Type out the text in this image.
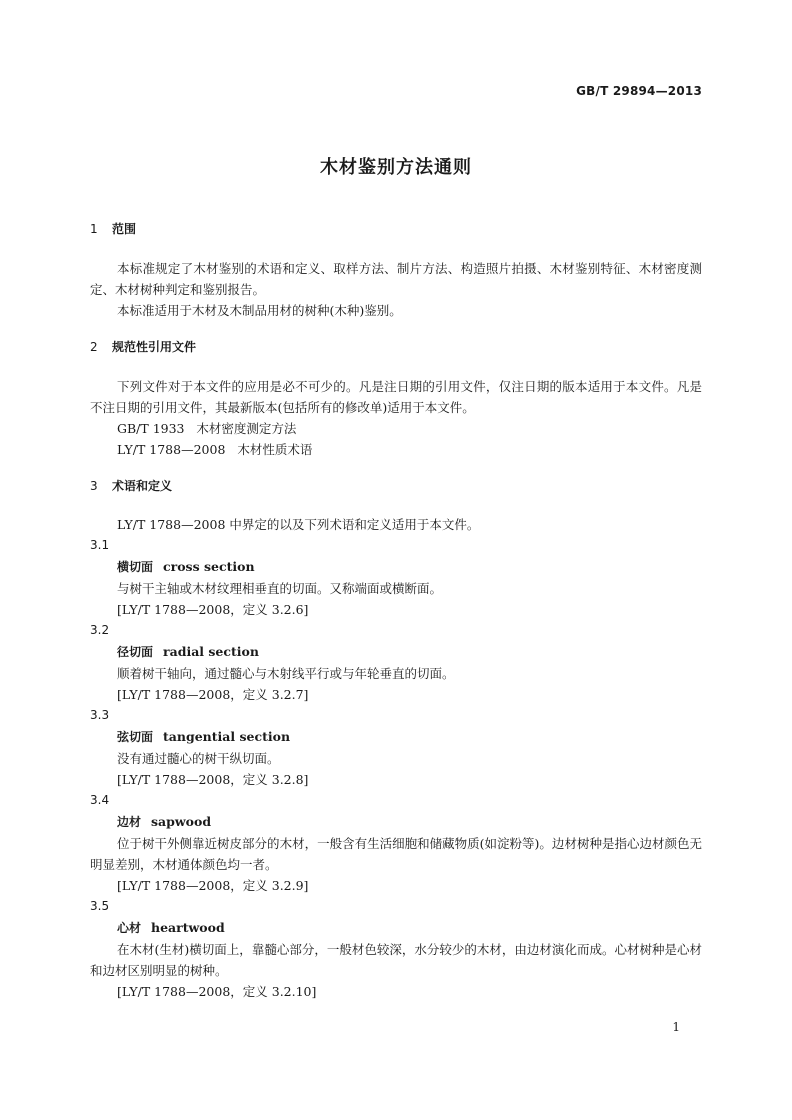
GB/T 29894—2013
木材鉴别方法通则
1 范围

本标准规定了木材鉴别的术语和定义、取样方法、制片方法、构造照片拍摄、木材鉴别特征、木材密度测定、木材树种判定和鉴别报告。

本标准适用于木材及木制品用材的树种(木种)鉴别。

2 规范性引用文件

下列文件对于本文件的应用是必不可少的。凡是注日期的引用文件，仅注日期的版本适用于本文件。凡是不注日期的引用文件，其最新版本(包括所有的修改单)适用于本文件。

GB/T 1933   木材密度测定方法
LY/T 1788—2008   木材性质术语
3 术语和定义

LY/T 1788—2008 中界定的以及下列术语和定义适用于本文件。

3.1
横切面 cross section

与树干主轴或木材纹理相垂直的切面。又称端面或横断面。

[LY/T 1788—2008，定义 3.2.6]
3.2
径切面 radial section

顺着树干轴向，通过髓心与木射线平行或与年轮垂直的切面。

[LY/T 1788—2008，定义 3.2.7]
3.3
弦切面 tangential section

没有通过髓心的树干纵切面。

[LY/T 1788—2008，定义 3.2.8]
3.4
边材 sapwood

位于树干外侧靠近树皮部分的木材，一般含有生活细胞和储藏物质(如淀粉等)。边材树种是指心边材颜色无明显差别，木材通体颜色均一者。

[LY/T 1788—2008，定义 3.2.9]
3.5
心材 heartwood

在木材(生材)横切面上，靠髓心部分，一般材色较深，水分较少的木材，由边材演化而成。心材树种是心材和边材区别明显的树种。

[LY/T 1788—2008，定义 3.2.10]
1
